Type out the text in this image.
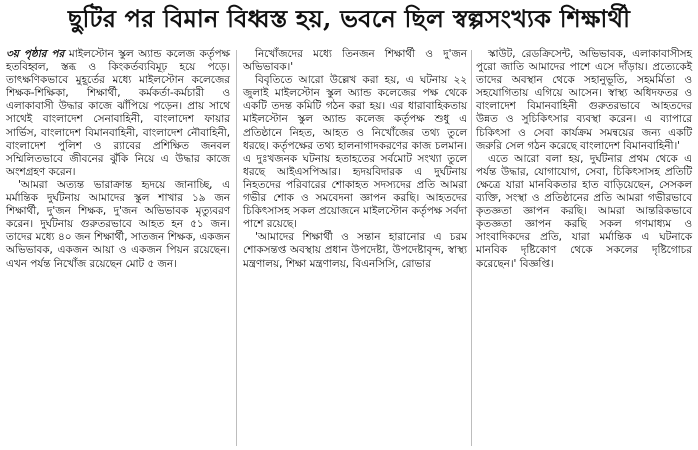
ছুটির পর বিমান বিধ্বস্ত হয়, ভবনে ছিল স্বল্পসংখ্যক শিক্ষার্থী

৩য় পৃষ্ঠার পর মাইলস্টোন স্কুল অ্যান্ড কলেজ কর্তৃপক্ষ হতবিহ্বল, স্তব্ধ ও কিংকর্তব্যবিমূঢ় হয়ে পড়ে। তাৎক্ষণিকভাবে মুহূর্তের মধ্যে মাইলস্টোন কলেজের শিক্ষক-শিক্ষিকা, শিক্ষার্থী, কর্মকর্তা-কর্মচারী ও এলাকাবাসী উদ্ধার কাজে ঝাঁপিয়ে পড়েন। প্রায় সাথে সাথেই বাংলাদেশ সেনাবাহিনী, বাংলাদেশ ফায়ার সার্ভিস, বাংলাদেশ বিমানবাহিনী, বাংলাদেশ নৌবাহিনী, বাংলাদেশ পুলিশ ও র‍্যাবের প্রশিক্ষিত জনবল সম্মিলিতভাবে জীবনের ঝুঁকি নিয়ে এ উদ্ধার কাজে অংশগ্রহণ করেন।

'আমরা অত্যন্ত ভারাক্রান্ত হৃদয়ে জানাচ্ছি, এ মর্মান্তিক দুর্ঘটনায় আমাদের স্কুল শাখার ১৯ জন শিক্ষার্থী, দু'জন শিক্ষক, দু'জন অভিভাবক মৃত্যুবরণ করেন। দুর্ঘটনায় গুরুতরভাবে আহত হন ৫১ জন। তাদের মধ্যে ৪০ জন শিক্ষার্থী, সাতজন শিক্ষক, একজন অভিভাবক, একজন আয়া ও একজন পিয়ন রয়েছেন। এখন পর্যন্ত নিখোঁজ রয়েছেন মোট ৫ জন।

নিখোঁজদের মধ্যে তিনজন শিক্ষার্থী ও দু'জন অভিভাবক।'

বিবৃতিতে আরো উল্লেখ করা হয়, এ ঘটনায় ২২ জুলাই মাইলস্টোন স্কুল অ্যান্ড কলেজের পক্ষ থেকে একটি তদন্ত কমিটি গঠন করা হয়। এর ধারাবাহিকতায় মাইলস্টোন স্কুল অ্যান্ড কলেজ কর্তৃপক্ষ শুধু এ প্রতিষ্ঠানে নিহত, আহত ও নিখোঁজের তথ্য তুলে ধরছে। কর্তৃপক্ষের তথ্য হালনাগাদকরণের কাজ চলমান। এ দুঃখজনক ঘটনায় হতাহতের সর্বমোট সংখ্যা তুলে ধরছে আইএসপিআর। হৃদয়বিদারক এ দুর্ঘটনায় নিহতদের পরিবারের শোকাহত সদস্যদের প্রতি আমরা গভীর শোক ও সমবেদনা জ্ঞাপন করছি। আহতদের চিকিৎসাসহ সকল প্রয়োজনে মাইলস্টোন কর্তৃপক্ষ সর্বদা পাশে রয়েছে।

'আমাদের শিক্ষার্থী ও সন্তান হারানোর এ চরম শোকসন্তপ্ত অবস্থায় প্রধান উপদেষ্টা, উপদেষ্টাবৃন্দ, স্বাস্থ্য মন্ত্রণালয়, শিক্ষা মন্ত্রণালয়, বিএনসিসি, রোভার

স্কাউট, রেডক্রিসেন্ট, অভিভাবক, এলাকাবাসীসহ পুরো জাতি আমাদের পাশে এসে দাঁড়ায়। প্রত্যেকেই তাদের অবস্থান থেকে সহানুভূতি, সহমর্মিতা ও সহযোগিতায় এগিয়ে আসেন। স্বাস্থ্য অধিদফতর ও বাংলাদেশ বিমানবাহিনী গুরুতরভাবে আহতদের উন্নত ও সুচিকিৎসার ব্যবস্থা করেন। এ ব্যাপারে চিকিৎসা ও সেবা কার্যক্রম সমন্বয়ের জন্য একটি জরুরি সেল গঠন করেছে বাংলাদেশ বিমানবাহিনী।'

এতে আরো বলা হয়, দুর্ঘটনার প্রথম থেকে এ পর্যন্ত উদ্ধার, যোগাযোগ, সেবা, চিকিৎসাসহ প্রতিটি ক্ষেত্রে যারা মানবিকতার হাত বাড়িয়েছেন, সেসকল ব্যক্তি, সংস্থা ও প্রতিষ্ঠানের প্রতি আমরা গভীরভাবে কৃতজ্ঞতা জ্ঞাপন করছি। আমরা আন্তরিকভাবে কৃতজ্ঞতা জ্ঞাপন করছি সকল গণমাধ্যম ও সাংবাদিকদের প্রতি, যারা মর্মান্তিক এ ঘটনাকে মানবিক দৃষ্টিকোণ থেকে সকলের দৃষ্টিগোচর করেছেন।' বিজ্ঞপ্তি।
